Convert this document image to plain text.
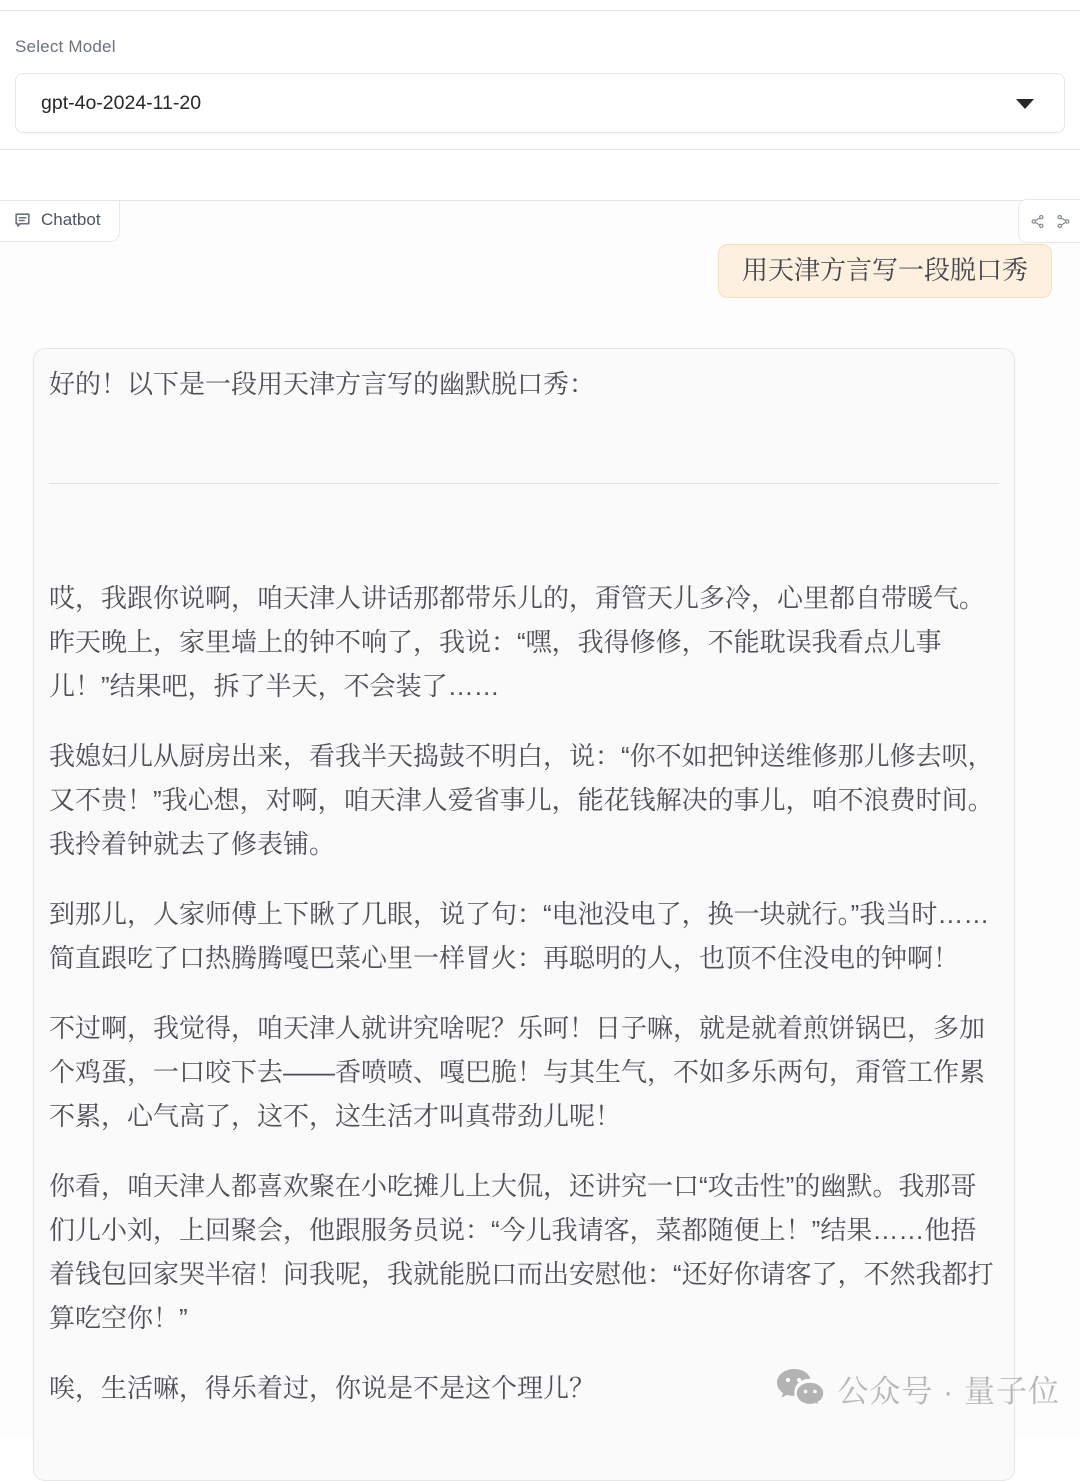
Select Model
gpt-4o-2024-11-20
Chatbot
用天津方言写一段脱口秀

好的！以下是一段用天津方言写的幽默脱口秀：

哎，我跟你说啊，咱天津人讲话那都带乐儿的，甭管天儿多冷，心里都自带暖气。昨天晚上，家里墙上的钟不响了，我说：“嘿，我得修修，不能耽误我看点儿事儿！”结果吧，拆了半天，不会装了……

我媳妇儿从厨房出来，看我半天捣鼓不明白，说：“你不如把钟送维修那儿修去呗，又不贵！”我心想，对啊，咱天津人爱省事儿，能花钱解决的事儿，咱不浪费时间。我拎着钟就去了修表铺。

到那儿，人家师傅上下瞅了几眼，说了句：“电池没电了，换一块就行。”我当时……简直跟吃了口热腾腾嘎巴菜心里一样冒火：再聪明的人，也顶不住没电的钟啊！

不过啊，我觉得，咱天津人就讲究啥呢？乐呵！日子嘛，就是就着煎饼锅巴，多加个鸡蛋，一口咬下去——香喷喷、嘎巴脆！与其生气，不如多乐两句，甭管工作累不累，心气高了，这不，这生活才叫真带劲儿呢！

你看，咱天津人都喜欢聚在小吃摊儿上大侃，还讲究一口“攻击性”的幽默。我那哥们儿小刘，上回聚会，他跟服务员说：“今儿我请客，菜都随便上！”结果……他捂着钱包回家哭半宿！问我呢，我就能脱口而出安慰他：“还好你请客了，不然我都打算吃空你！”

唉，生活嘛，得乐着过，你说是不是这个理儿？	公众号 · 量子位
